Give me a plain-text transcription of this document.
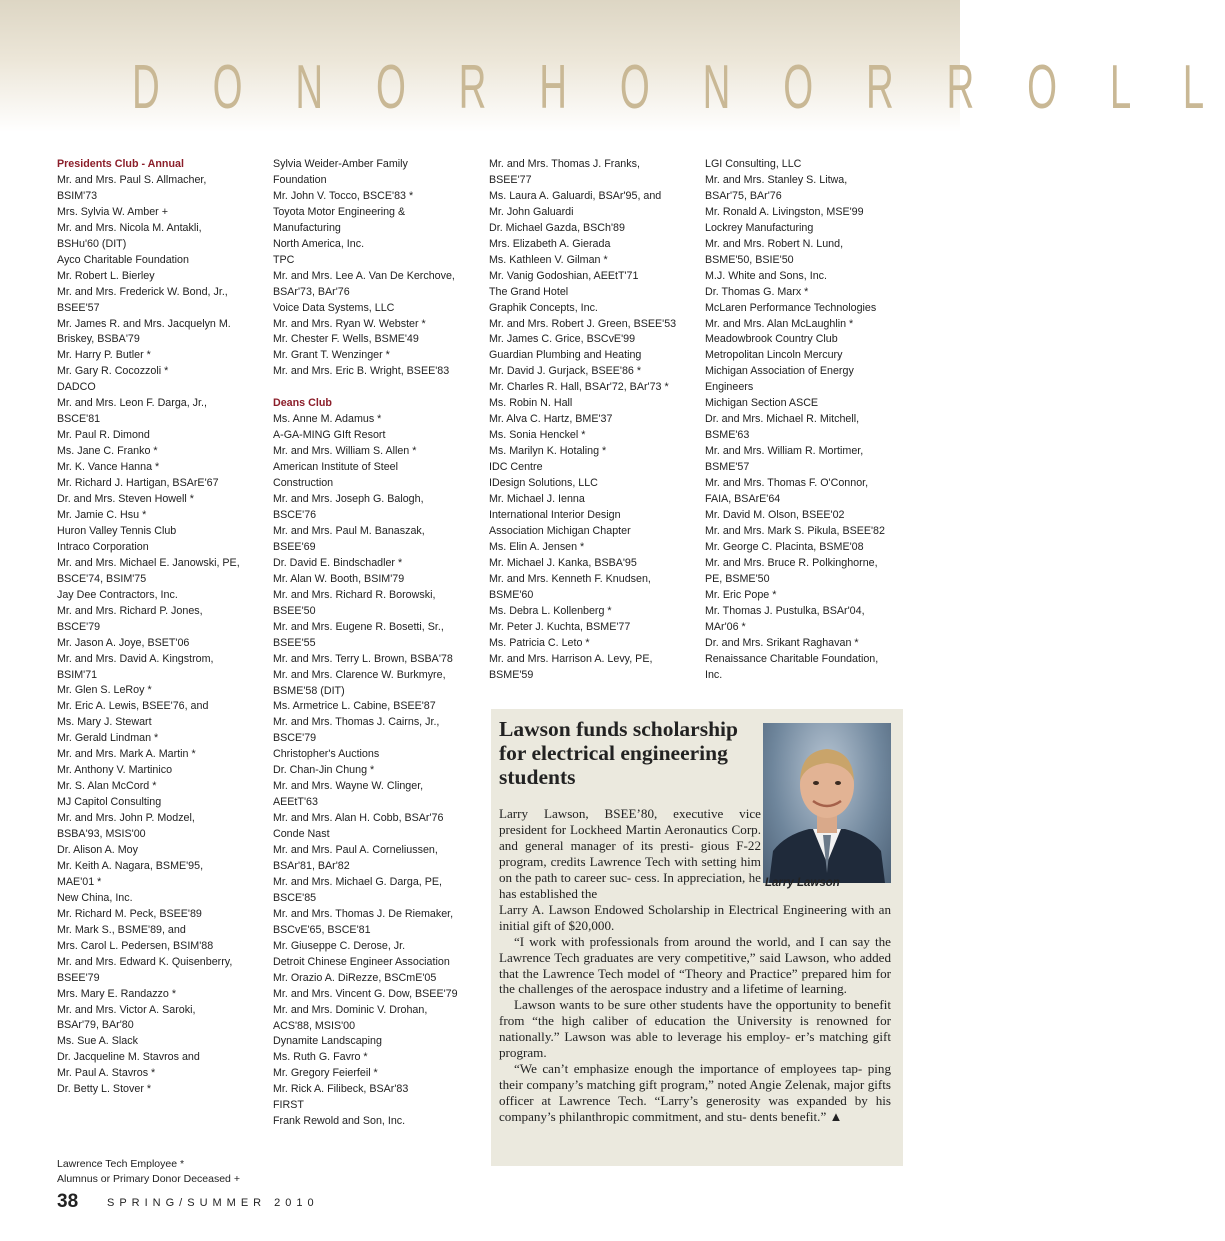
D O N O R H O N O R R O L L
Presidents Club - Annual
Mr. and Mrs. Paul S. Allmacher,
BSIM'73
Mrs. Sylvia W. Amber +
Mr. and Mrs. Nicola M. Antakli,
BSHu'60 (DIT)
Ayco Charitable Foundation
Mr. Robert L. Bierley
Mr. and Mrs. Frederick W. Bond, Jr.,
BSEE'57
Mr. James R. and Mrs. Jacquelyn M.
Briskey, BSBA'79
Mr. Harry P. Butler *
Mr. Gary R. Cocozzoli *
DADCO
Mr. and Mrs. Leon F. Darga, Jr.,
BSCE'81
Mr. Paul R. Dimond
Ms. Jane C. Franko *
Mr. K. Vance Hanna *
Mr. Richard J. Hartigan, BSArE'67
Dr. and Mrs. Steven Howell *
Mr. Jamie C. Hsu *
Huron Valley Tennis Club
Intraco Corporation
Mr. and Mrs. Michael E. Janowski, PE,
BSCE'74, BSIM'75
Jay Dee Contractors, Inc.
Mr. and Mrs. Richard P. Jones,
BSCE'79
Mr. Jason A. Joye, BSET'06
Mr. and Mrs. David A. Kingstrom,
BSIM'71
Mr. Glen S. LeRoy *
Mr. Eric A. Lewis, BSEE'76, and
Ms. Mary J. Stewart
Mr. Gerald Lindman *
Mr. and Mrs. Mark A. Martin *
Mr. Anthony V. Martinico
Mr. S. Alan McCord *
MJ Capitol Consulting
Mr. and Mrs. John P. Modzel,
BSBA'93, MSIS'00
Dr. Alison A. Moy
Mr. Keith A. Nagara, BSME'95,
MAE'01 *
New China, Inc.
Mr. Richard M. Peck, BSEE'89
Mr. Mark S., BSME'89, and
Mrs. Carol L. Pedersen, BSIM'88
Mr. and Mrs. Edward K. Quisenberry,
BSEE'79
Mrs. Mary E. Randazzo *
Mr. and Mrs. Victor A. Saroki,
BSAr'79, BAr'80
Ms. Sue A. Slack
Dr. Jacqueline M. Stavros and
Mr. Paul A. Stavros *
Dr. Betty L. Stover *
Sylvia Weider-Amber Family
Foundation
Mr. John V. Tocco, BSCE'83 *
Toyota Motor Engineering &
Manufacturing
North America, Inc.
TPC
Mr. and Mrs. Lee A. Van De Kerchove,
BSAr'73, BAr'76
Voice Data Systems, LLC
Mr. and Mrs. Ryan W. Webster *
Mr. Chester F. Wells, BSME'49
Mr. Grant T. Wenzinger *
Mr. and Mrs. Eric B. Wright, BSEE'83
Deans Club
Ms. Anne M. Adamus *
A-GA-MING GIft Resort
Mr. and Mrs. William S. Allen *
American Institute of Steel
Construction
Mr. and Mrs. Joseph G. Balogh,
BSCE'76
Mr. and Mrs. Paul M. Banaszak,
BSEE'69
Dr. David E. Bindschadler *
Mr. Alan W. Booth, BSIM'79
Mr. and Mrs. Richard R. Borowski,
BSEE'50
Mr. and Mrs. Eugene R. Bosetti, Sr.,
BSEE'55
Mr. and Mrs. Terry L. Brown, BSBA'78
Mr. and Mrs. Clarence W. Burkmyre,
BSME'58 (DIT)
Ms. Armetrice L. Cabine, BSEE'87
Mr. and Mrs. Thomas J. Cairns, Jr.,
BSCE'79
Christopher's Auctions
Dr. Chan-Jin Chung *
Mr. and Mrs. Wayne W. Clinger,
AEEtT'63
Mr. and Mrs. Alan H. Cobb, BSAr'76
Conde Nast
Mr. and Mrs. Paul A. Corneliussen,
BSAr'81, BAr'82
Mr. and Mrs. Michael G. Darga, PE,
BSCE'85
Mr. and Mrs. Thomas J. De Riemaker,
BSCvE'65, BSCE'81
Mr. Giuseppe C. Derose, Jr.
Detroit Chinese Engineer Association
Mr. Orazio A. DiRezze, BSCmE'05
Mr. and Mrs. Vincent G. Dow, BSEE'79
Mr. and Mrs. Dominic V. Drohan,
ACS'88, MSIS'00
Dynamite Landscaping
Ms. Ruth G. Favro *
Mr. Gregory Feierfeil *
Mr. Rick A. Filibeck, BSAr'83
FIRST
Frank Rewold and Son, Inc.
Mr. and Mrs. Thomas J. Franks,
BSEE'77
Ms. Laura A. Galuardi, BSAr'95, and
Mr. John Galuardi
Dr. Michael Gazda, BSCh'89
Mrs. Elizabeth A. Gierada
Ms. Kathleen V. Gilman *
Mr. Vanig Godoshian, AEEtT'71
The Grand Hotel
Graphik Concepts, Inc.
Mr. and Mrs. Robert J. Green, BSEE'53
Mr. James C. Grice, BSCvE'99
Guardian Plumbing and Heating
Mr. David J. Gurjack, BSEE'86 *
Mr. Charles R. Hall, BSAr'72, BAr'73 *
Ms. Robin N. Hall
Mr. Alva C. Hartz, BME'37
Ms. Sonia Henckel *
Ms. Marilyn K. Hotaling *
IDC Centre
IDesign Solutions, LLC
Mr. Michael J. Ienna
International Interior Design
Association Michigan Chapter
Ms. Elin A. Jensen *
Mr. Michael J. Kanka, BSBA'95
Mr. and Mrs. Kenneth F. Knudsen,
BSME'60
Ms. Debra L. Kollenberg *
Mr. Peter J. Kuchta, BSME'77
Ms. Patricia C. Leto *
Mr. and Mrs. Harrison A. Levy, PE,
BSME'59
LGI Consulting, LLC
Mr. and Mrs. Stanley S. Litwa,
BSAr'75, BAr'76
Mr. Ronald A. Livingston, MSE'99
Lockrey Manufacturing
Mr. and Mrs. Robert N. Lund,
BSME'50, BSIE'50
M.J. White and Sons, Inc.
Dr. Thomas G. Marx *
McLaren Performance Technologies
Mr. and Mrs. Alan McLaughlin *
Meadowbrook Country Club
Metropolitan Lincoln Mercury
Michigan Association of Energy
Engineers
Michigan Section ASCE
Dr. and Mrs. Michael R. Mitchell,
BSME'63
Mr. and Mrs. William R. Mortimer,
BSME'57
Mr. and Mrs. Thomas F. O'Connor,
FAIA, BSArE'64
Mr. David M. Olson, BSEE'02
Mr. and Mrs. Mark S. Pikula, BSEE'82
Mr. George C. Placinta, BSME'08
Mr. and Mrs. Bruce R. Polkinghorne,
PE, BSME'50
Mr. Eric Pope *
Mr. Thomas J. Pustulka, BSAr'04,
MAr'06 *
Dr. and Mrs. Srikant Raghavan *
Renaissance Charitable Foundation,
Inc.
Lawson funds scholarship for electrical engineering students
Larry Lawson

Larry Lawson, BSEE’80, executive vice president for Lockheed Martin Aeronautics Corp. and general manager of its presti- gious F-22 program, credits Lawrence Tech with setting him on the path to career suc- cess. In appreciation, he has established the

Larry A. Lawson Endowed Scholarship in Electrical Engineering with an initial gift of $20,000.

“I work with professionals from around the world, and I can say the Lawrence Tech graduates are very competitive,” said Lawson, who added that the Lawrence Tech model of “Theory and Practice” prepared him for the challenges of the aerospace industry and a lifetime of learning.

Lawson wants to be sure other students have the opportunity to benefit from “the high caliber of education the University is renowned for nationally.” Lawson was able to leverage his employ- er’s matching gift program.

“We can’t emphasize enough the importance of employees tap- ping their company’s matching gift program,” noted Angie Zelenak, major gifts officer at Lawrence Tech. “Larry’s generosity was expanded by his company’s philanthropic commitment, and stu- dents benefit.” ▲

Lawrence Tech Employee *
Alumnus or Primary Donor Deceased +
38	SPRING/SUMMER 2010
